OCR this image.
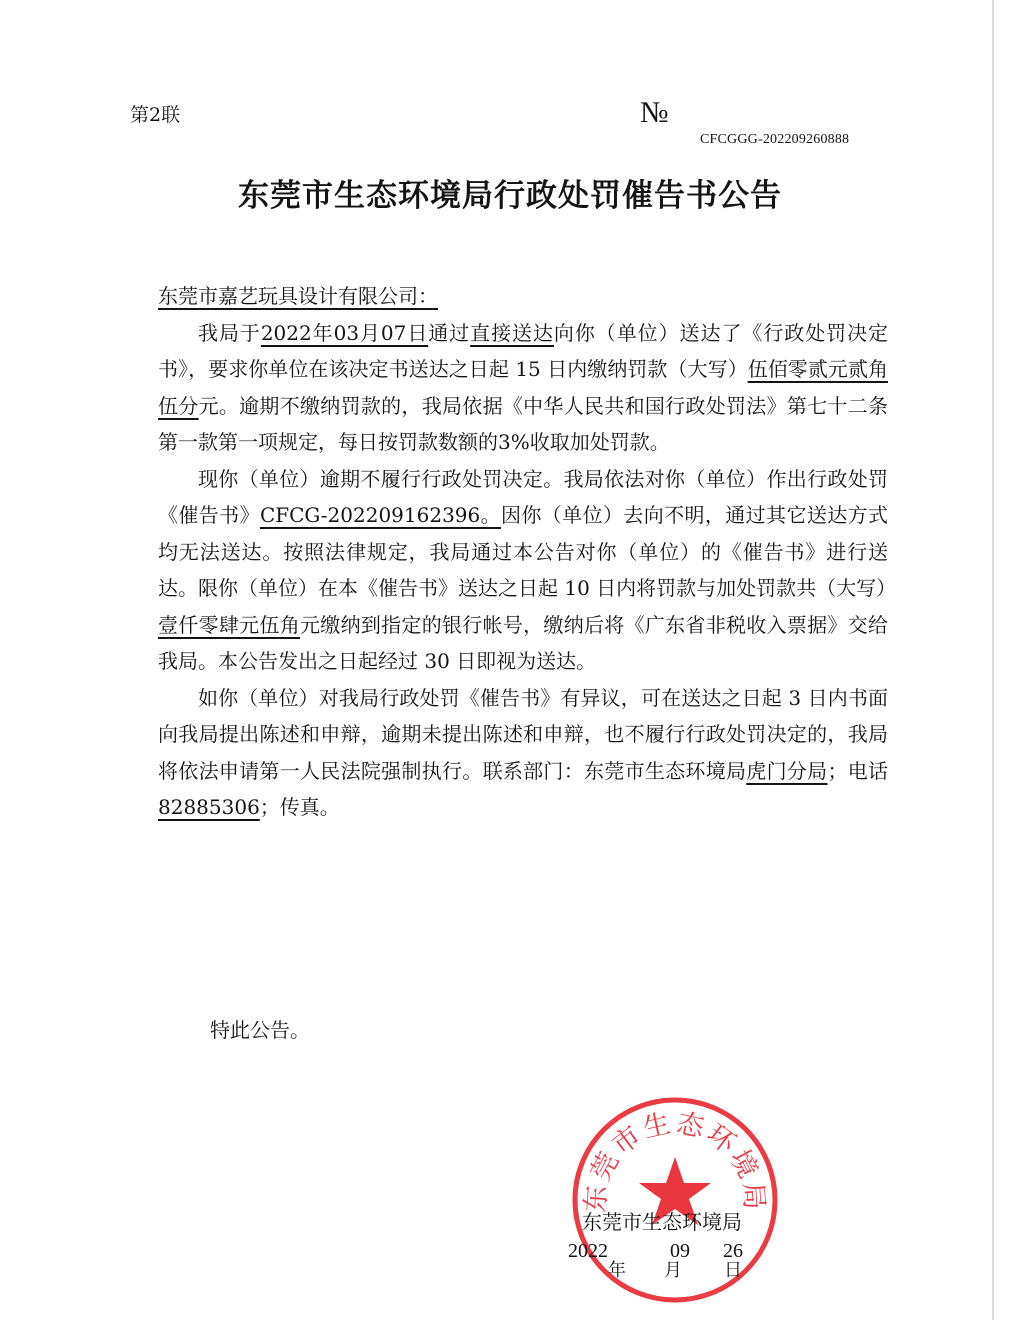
第2联	№
CFCGGG-202209260888
东莞市生态环境局行政处罚催告书公告

东莞市嘉艺玩具设计有限公司：

我局于2022年03月07日通过直接送达向你（单位）送达了《行政处罚决定书》，要求你单位在该决定书送达之日起 15 日内缴纳罚款（大写）伍佰零贰元贰角伍分元。逾期不缴纳罚款的，我局依据《中华人民共和国行政处罚法》第七十二条第一款第一项规定，每日按罚款数额的3%收取加处罚款。

现你（单位）逾期不履行行政处罚决定。我局依法对你（单位）作出行政处罚《催告书》CFCG-202209162396。因你（单位）去向不明，通过其它送达方式均无法送达。按照法律规定，我局通过本公告对你（单位）的《催告书》进行送达。限你（单位）在本《催告书》送达之日起 10 日内将罚款与加处罚款共（大写）壹仟零肆元伍角元缴纳到指定的银行帐号，缴纳后将《广东省非税收入票据》交给我局。本公告发出之日起经过 30 日即视为送达。

如你（单位）对我局行政处罚《催告书》有异议，可在送达之日起 3 日内书面向我局提出陈述和申辩，逾期未提出陈述和申辩，也不履行行政处罚决定的，我局将依法申请第一人民法院强制执行。联系部门：东莞市生态环境局虎门分局；电话82885306；传真。

特此公告。
东莞市生态环境局
东莞市生态环境局
2022	09 26
年 月 日
